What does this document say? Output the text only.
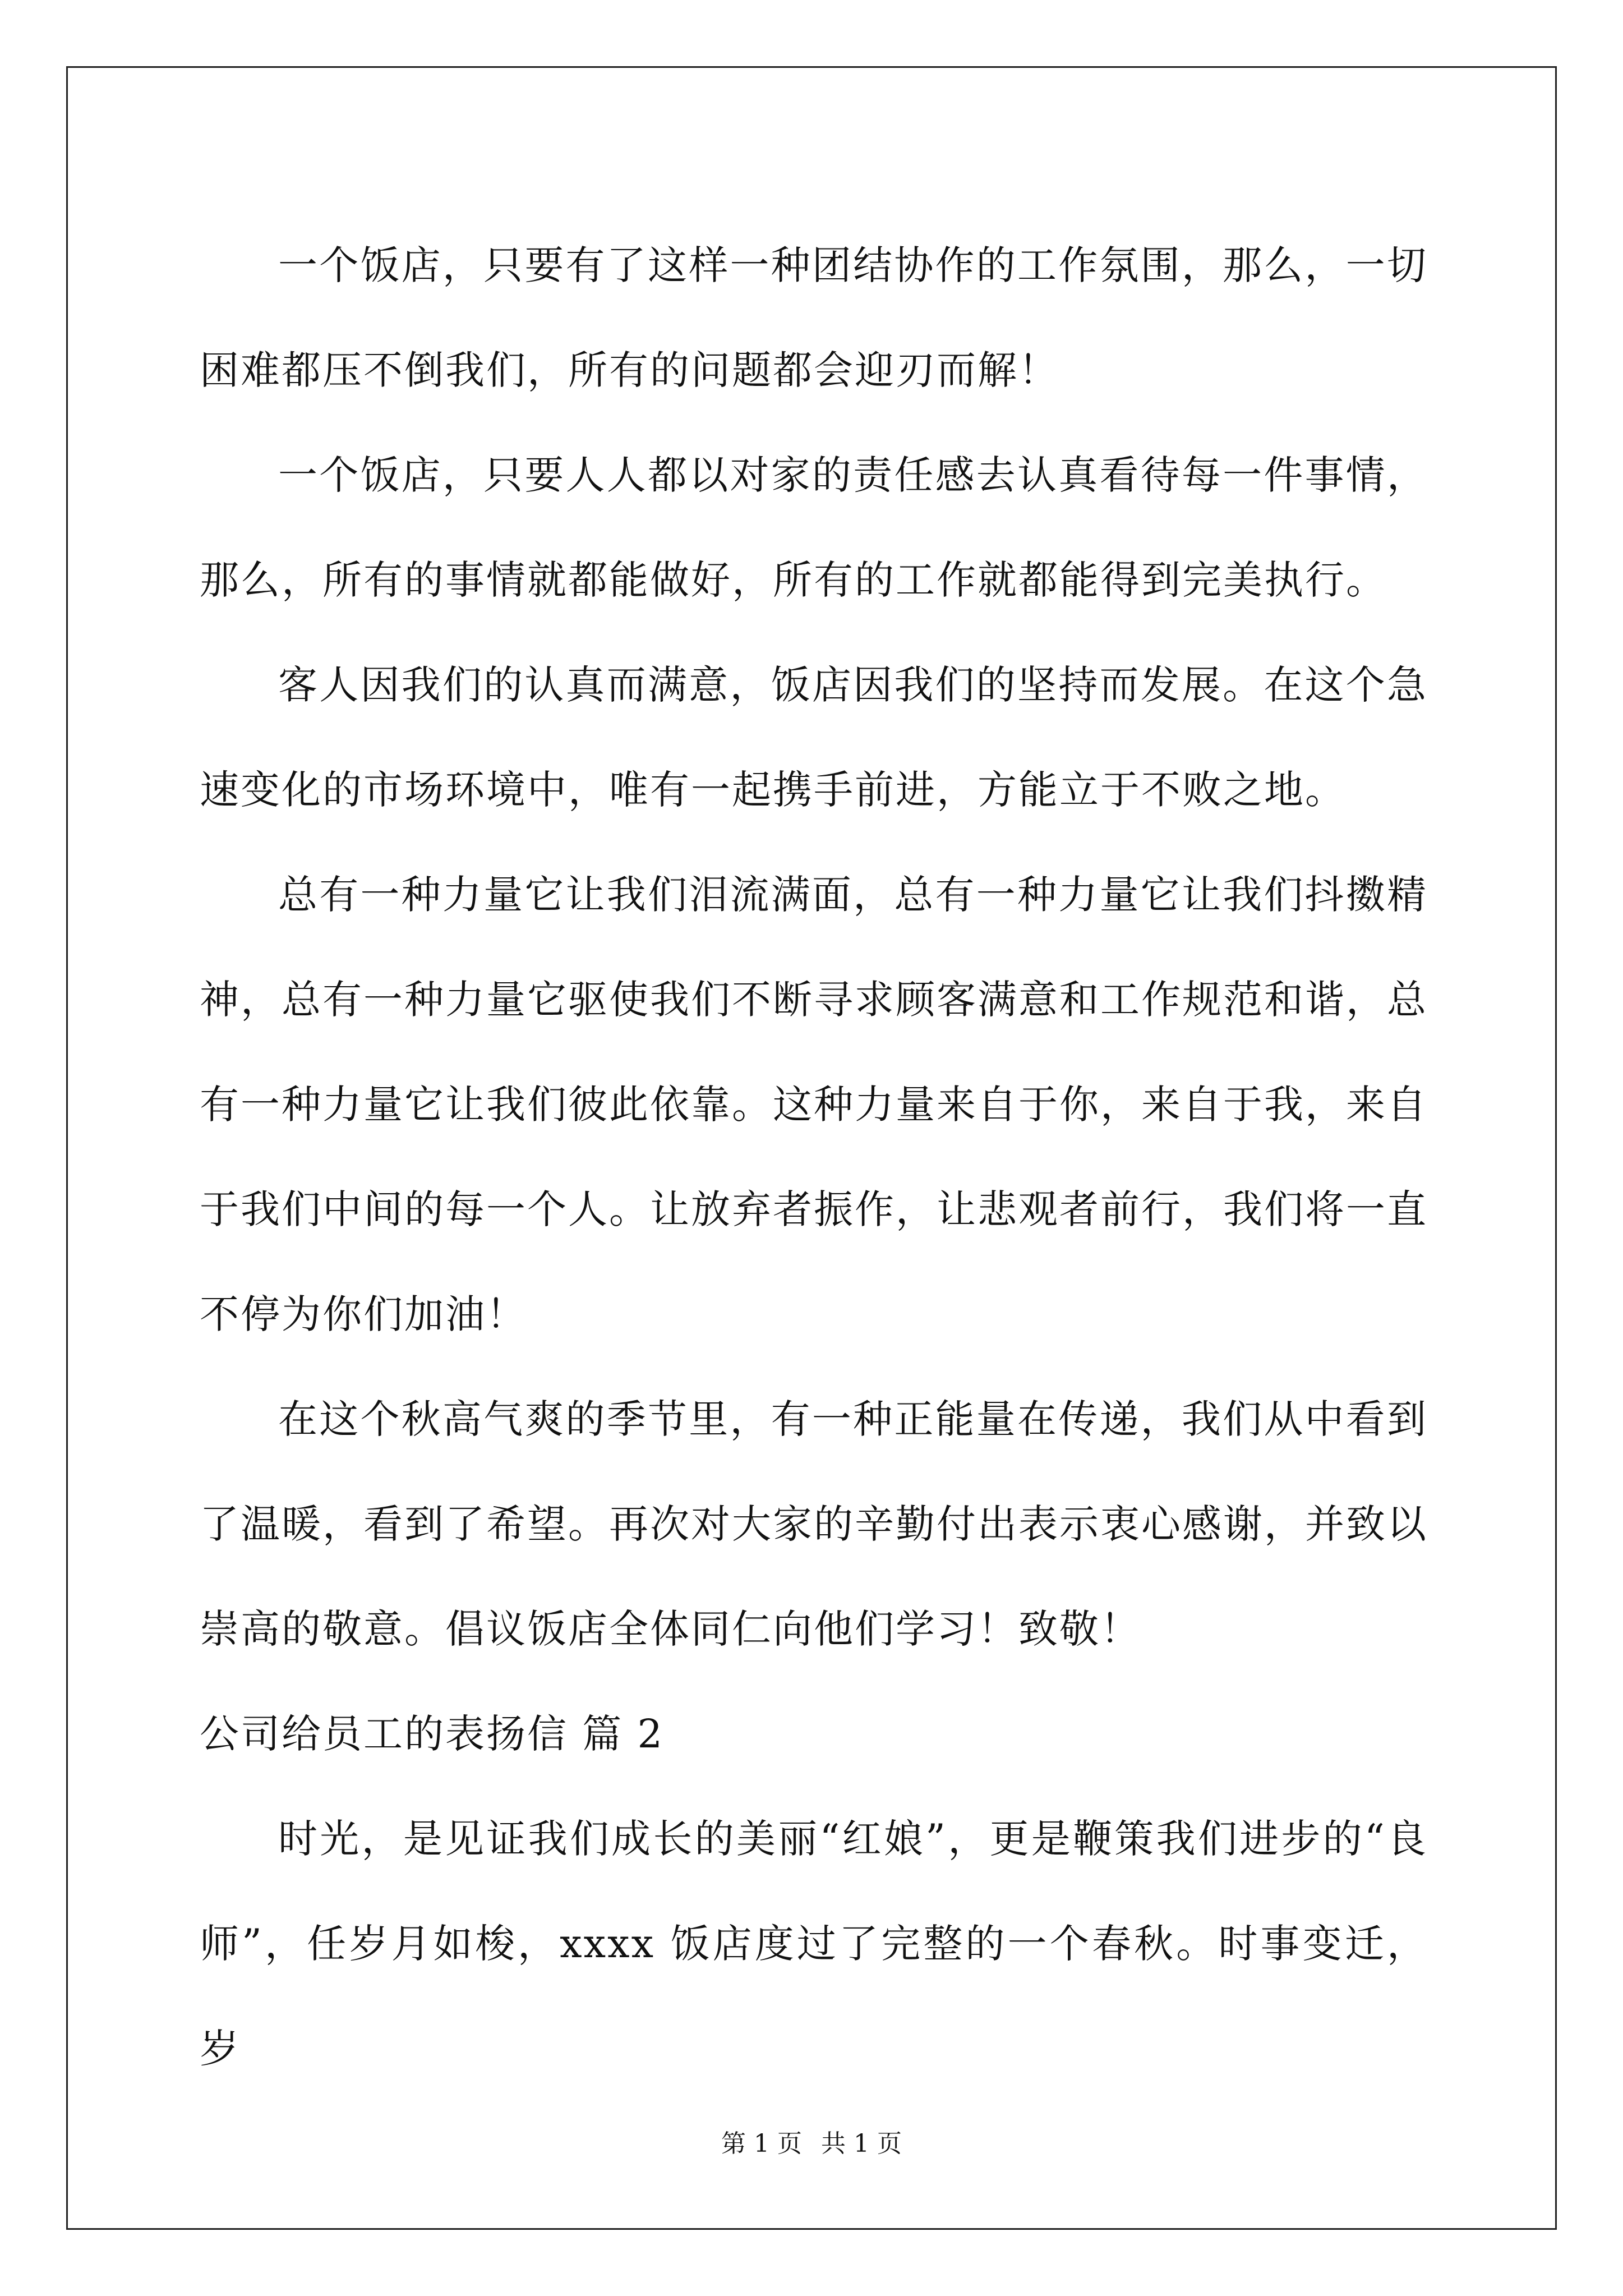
一个饭店，只要有了这样一种团结协作的工作氛围，那么，一切困难都压不倒我们，所有的问题都会迎刃而解！

一个饭店，只要人人都以对家的责任感去认真看待每一件事情，那么，所有的事情就都能做好，所有的工作就都能得到完美执行。

客人因我们的认真而满意，饭店因我们的坚持而发展。在这个急速变化的市场环境中，唯有一起携手前进，方能立于不败之地。

总有一种力量它让我们泪流满面，总有一种力量它让我们抖擞精神，总有一种力量它驱使我们不断寻求顾客满意和工作规范和谐，总有一种力量它让我们彼此依靠。这种力量来自于你，来自于我，来自于我们中间的每一个人。让放弃者振作，让悲观者前行，我们将一直不停为你们加油！

在这个秋高气爽的季节里，有一种正能量在传递，我们从中看到了温暖，看到了希望。再次对大家的辛勤付出表示衷心感谢，并致以崇高的敬意。倡议饭店全体同仁向他们学习！致敬！

公司给员工的表扬信 篇 2

时光，是见证我们成长的美丽“红娘”，更是鞭策我们进步的“良师”，任岁月如梭，xxxx 饭店度过了完整的一个春秋。时事变迁，岁

第 1 页 共 1 页
